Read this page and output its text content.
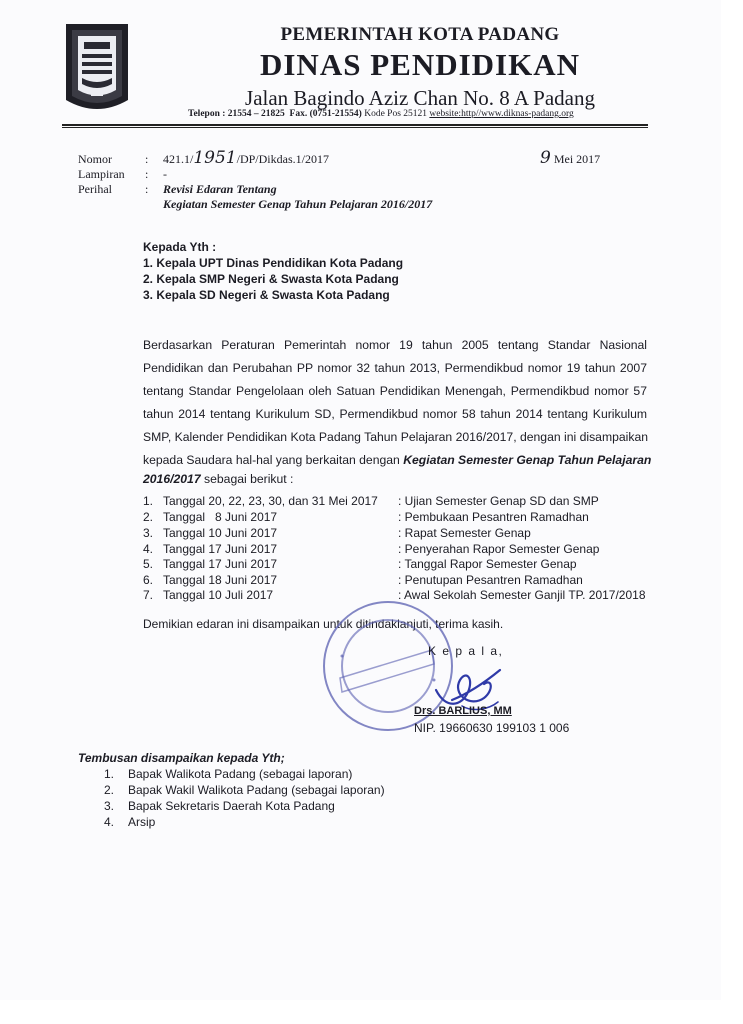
PEMERINTAH KOTA PADANG
DINAS PENDIDIKAN
Jalan Bagindo Aziz Chan No. 8 A Padang
Telepon : 21554 – 21825 Fax. (0751-21554) Kode Pos 25121 website:http//www.diknas-padang.org
Nomor	: 421.1/1951/DP/Dikdas.1/2017	9 Mei 2017
Lampiran : -
Perihal	: Revisi Edaran Tentang
Kegiatan Semester Genap Tahun Pelajaran 2016/2017
Kepada Yth :
1. Kepala UPT Dinas Pendidikan Kota Padang
2. Kepala SMP Negeri & Swasta Kota Padang
3. Kepala SD Negeri & Swasta Kota Padang
Berdasarkan Peraturan Pemerintah nomor 19 tahun 2005 tentang Standar Nasional
Pendidikan dan Perubahan PP nomor 32 tahun 2013, Permendikbud nomor 19 tahun 2007
tentang Standar Pengelolaan oleh Satuan Pendidikan Menengah, Permendikbud nomor 57
tahun 2014 tentang Kurikulum SD, Permendikbud nomor 58 tahun 2014 tentang Kurikulum
SMP, Kalender Pendidikan Kota Padang Tahun Pelajaran 2016/2017, dengan ini disampaikan
kepada Saudara hal-hal yang berkaitan dengan Kegiatan Semester Genap Tahun Pelajaran
2016/2017 sebagai berikut :
1. Tanggal 20, 22, 23, 30, dan 31 Mei 2017 : Ujian Semester Genap SD dan SMP
2. Tanggal   8 Juni 2017	: Pembukaan Pesantren Ramadhan
3. Tanggal 10 Juni 2017	: Rapat Semester Genap
4. Tanggal 17 Juni 2017	: Penyerahan Rapor Semester Genap
5. Tanggal 17 Juni 2017	: Tanggal Rapor Semester Genap
6. Tanggal 18 Juni 2017	: Penutupan Pesantren Ramadhan
7. Tanggal 10 Juli 2017	: Awal Sekolah Semester Ganjil TP. 2017/2018
Demikian edaran ini disampaikan untuk ditindaklanjuti, terima kasih.
K e p a l a,
Drs. BARLIUS, MM
NIP. 19660630 199103 1 006
Tembusan disampaikan kepada Yth;
1. Bapak Walikota Padang (sebagai laporan)
2. Bapak Wakil Walikota Padang (sebagai laporan)
3. Bapak Sekretaris Daerah Kota Padang
4. Arsip
